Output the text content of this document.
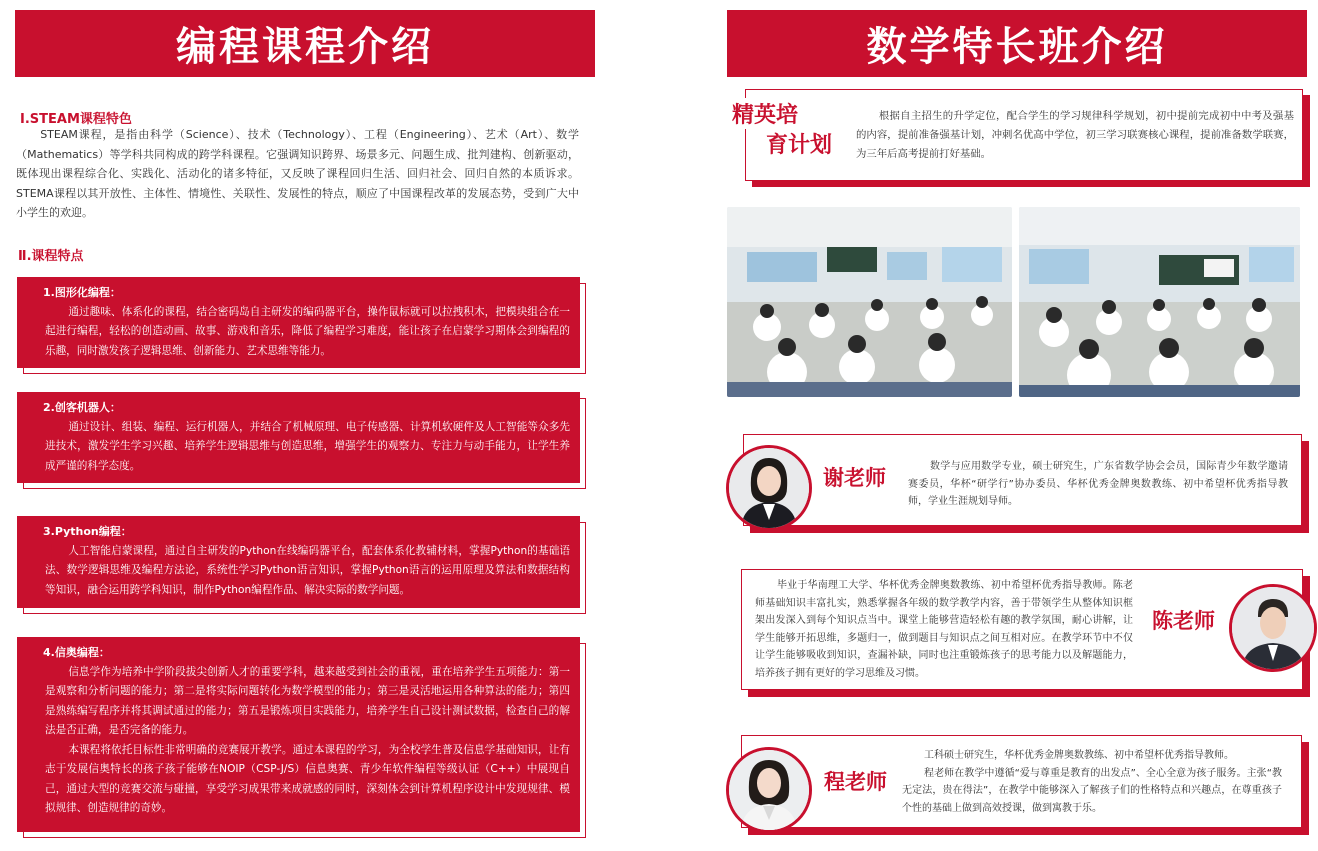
编程课程介绍
Ⅰ.STEAM课程特色
STEAM课程，是指由科学（Science）、技术（Technology）、工程（Engineering）、艺术（Art）、数学（Mathematics）等学科共同构成的跨学科课程。它强调知识跨界、场景多元、问题生成、批判建构、创新驱动，既体现出课程综合化、实践化、活动化的诸多特征，又反映了课程回归生活、回归社会、回归自然的本质诉求。STEMA课程以其开放性、主体性、情境性、关联性、发展性的特点，顺应了中国课程改革的发展态势，受到广大中小学生的欢迎。
Ⅱ.课程特点
1.图形化编程：
通过趣味、体系化的课程，结合密码岛自主研发的编码器平台，操作鼠标就可以拉拽积木，把模块组合在一起进行编程，轻松的创造动画、故事、游戏和音乐，降低了编程学习难度，能让孩子在启蒙学习期体会到编程的乐趣，同时激发孩子逻辑思维、创新能力、艺术思维等能力。
2.创客机器人：
通过设计、组装、编程、运行机器人，并结合了机械原理、电子传感器、计算机软硬件及人工智能等众多先进技术，激发学生学习兴趣、培养学生逻辑思维与创造思维，增强学生的观察力、专注力与动手能力，让学生养成严谨的科学态度。
3.Python编程：
人工智能启蒙课程，通过自主研发的Python在线编码器平台，配套体系化教辅材料，掌握Python的基础语法、数学逻辑思维及编程方法论，系统性学习Python语言知识，掌握Python语言的运用原理及算法和数据结构等知识，融合运用跨学科知识，制作Python编程作品、解决实际的数学问题。
4.信奥编程：
信息学作为培养中学阶段拔尖创新人才的重要学科，越来越受到社会的重视，重在培养学生五项能力：第一是观察和分析问题的能力；第二是将实际问题转化为数学模型的能力；第三是灵活地运用各种算法的能力；第四是熟练编写程序并将其调试通过的能力；第五是锻炼项目实践能力，培养学生自己设计测试数据，检查自己的解法是否正确，是否完备的能力。
本课程将依托目标性非常明确的竞赛展开教学。通过本课程的学习，为全校学生普及信息学基础知识，让有志于发展信奥特长的孩子孩子能够在NOIP（CSP-J/S）信息奥赛、青少年软件编程等级认证（C++）中展现自己，通过大型的竞赛交流与碰撞，享受学习成果带来成就感的同时，深刻体会到计算机程序设计中发现规律、模拟规律、创造规律的奇妙。
数学特长班介绍
精英培
育计划
根据自主招生的升学定位，配合学生的学习规律科学规划，初中提前完成初中中考及强基的内容，提前准备强基计划，冲刺名优高中学位，初三学习联赛核心课程，提前准备数学联赛，为三年后高考提前打好基础。
谢老师	数学与应用数学专业，硕士研究生，广东省数学协会会员，国际青少年数学邀请赛委员，华杯“研学行”协办委员、华杯优秀金牌奥数教练、初中希望杯优秀指导教师，学业生涯规划导师。
毕业于华南理工大学、华杯优秀金牌奥数教练、初中希望杯优秀指导教师。陈老师基础知识丰富扎实，熟悉掌握各年级的数学教学内容，善于带领学生从整体知识框架出发深入到每个知识点当中。课堂上能够营造轻松有趣的教学氛围，耐心讲解，让学生能够开拓思维，多题归一，做到题目与知识点之间互相对应。在教学环节中不仅让学生能够吸收到知识，查漏补缺，同时也注重锻炼孩子的思考能力以及解题能力，培养孩子拥有更好的学习思维及习惯。
陈老师
程老师
工科硕士研究生，华杯优秀金牌奥数教练、初中希望杯优秀指导教师。
程老师在教学中遵循“爱与尊重是教育的出发点”、全心全意为孩子服务。主张“教无定法，贵在得法”，在教学中能够深入了解孩子们的性格特点和兴趣点，在尊重孩子个性的基础上做到高效授课，做到寓教于乐。
